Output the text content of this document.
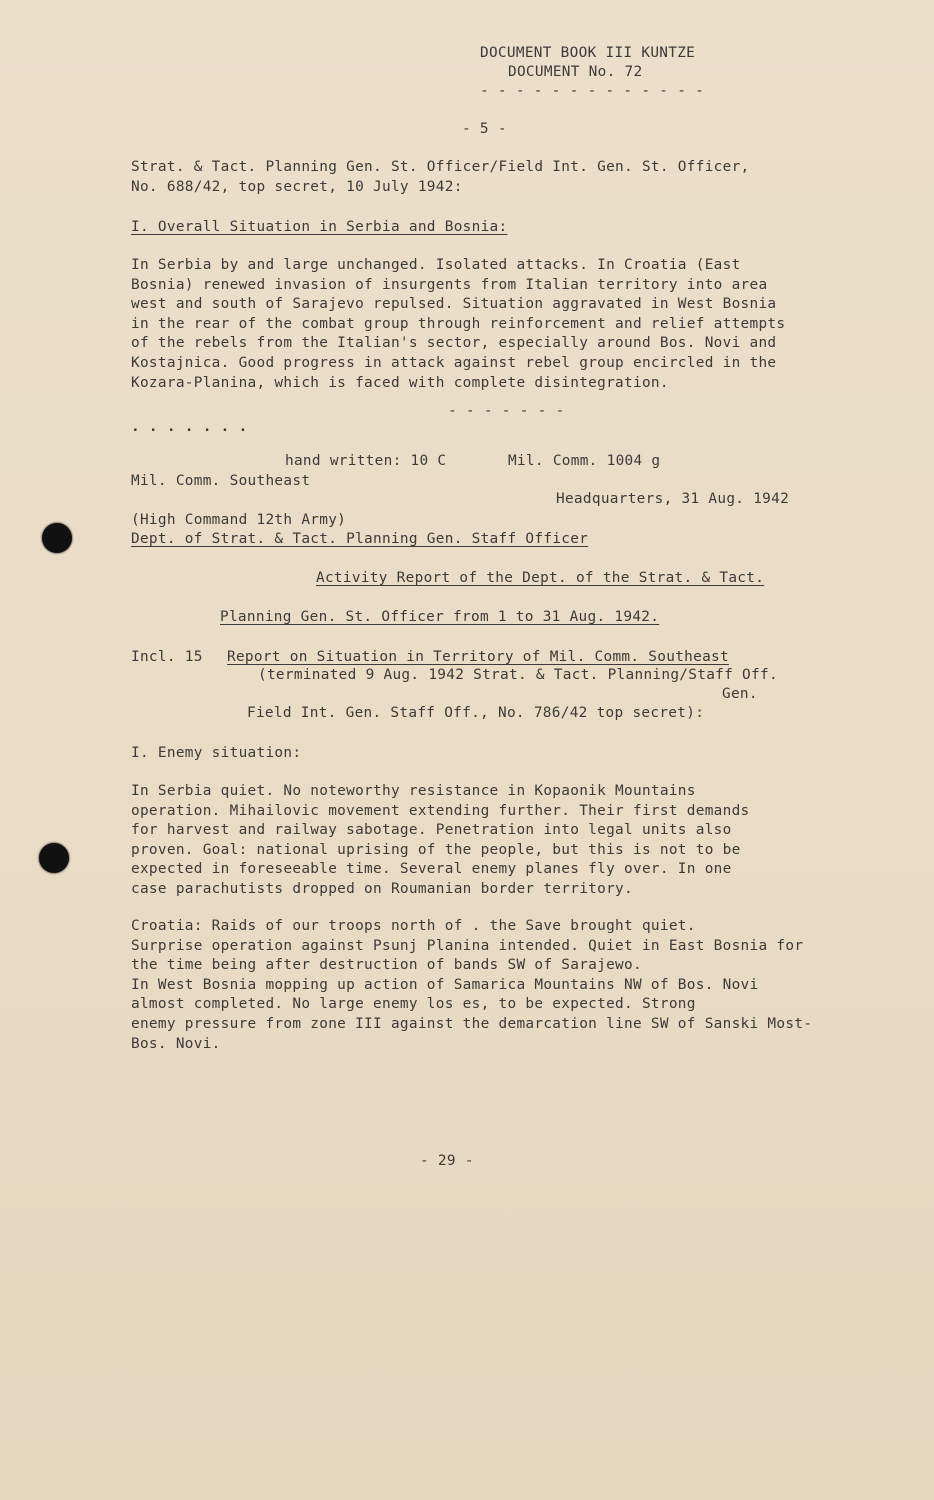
DOCUMENT BOOK III KUNTZE
DOCUMENT No. 72
- - - - - - - - - - - - -
- 5 -
Strat. & Tact. Planning Gen. St. Officer/Field Int. Gen. St. Officer,
No. 688/42, top secret, 10 July 1942:
I. Overall Situation in Serbia and Bosnia:
In Serbia by and large unchanged. Isolated attacks. In Croatia (East
Bosnia) renewed invasion of insurgents from Italian territory into area
west and south of Sarajevo repulsed. Situation aggravated in West Bosnia
in the rear of the combat group through reinforcement and relief attempts
of the rebels from the Italian's sector, especially around Bos. Novi and
Kostajnica. Good progress in attack against rebel group encircled in the
Kozara-Planina, which is faced with complete disintegration.
- - - - - - -
. . . . . . .
hand written: 10 C	Mil. Comm. 1004 g
Mil. Comm. Southeast
Headquarters, 31 Aug. 1942
(High Command 12th Army)
Dept. of Strat. & Tact. Planning Gen. Staff Officer
Activity Report of the Dept. of the Strat. & Tact.
Planning Gen. St. Officer from 1 to 31 Aug. 1942.
Incl. 15 Report on Situation in Territory of Mil. Comm. Southeast
(terminated 9 Aug. 1942 Strat. & Tact. Planning/Staff Off.
Gen.
Field Int. Gen. Staff Off., No. 786/42 top secret):
I. Enemy situation:
In Serbia quiet. No noteworthy resistance in Kopaonik Mountains
operation. Mihailovic movement extending further. Their first demands
for harvest and railway sabotage. Penetration into legal units also
proven. Goal: national uprising of the people, but this is not to be
expected in foreseeable time. Several enemy planes fly over. In one
case parachutists dropped on Roumanian border territory.
Croatia: Raids of our troops north of . the Save brought quiet.
Surprise operation against Psunj Planina intended. Quiet in East Bosnia for
the time being after destruction of bands SW of Sarajewo.
In West Bosnia mopping up action of Samarica Mountains NW of Bos. Novi
almost completed. No large enemy los es, to be expected. Strong
enemy pressure from zone III against the demarcation line SW of Sanski Most-
Bos. Novi.
- 29 -
